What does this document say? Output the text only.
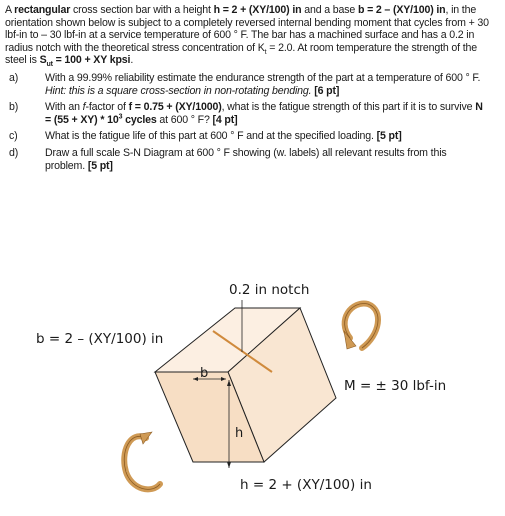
A rectangular cross section bar with a height h = 2 + (XY/100) in and a base b = 2 – (XY/100) in, in the orientation shown below is subject to a completely reversed internal bending moment that cycles from + 30 lbf-in to – 30 lbf-in at a service temperature of 600 ° F. The bar has a machined surface and has a 0.2 in radius notch with the theoretical stress concentration of $K_t = 2.0$. At room temperature the strength of the steel is $S_{ut} = 100$ + XY kpsi.

a)	With a 99.99% reliability estimate the endurance strength of the part at a temperature of 600 ° F. Hint: this is a square cross-section in non-rotating bending. [6 pt]
b)	With an f-factor of f = 0.75 + (XY/1000), what is the fatigue strength of this part if it is to survive $N = (55 + XY) * 10^3$ cycles at 600 ° F? [4 pt]
c)	What is the fatigue life of this part at 600 ° F and at the specified loading. [5 pt]
d)	Draw a full scale S-N Diagram at 600 ° F showing (w. labels) all relevant results from this problem. [5 pt]
b
h
0.2 in notch
b = 2 – (XY/100) in
M = ± 30 lbf-in
h = 2 + (XY/100) in
